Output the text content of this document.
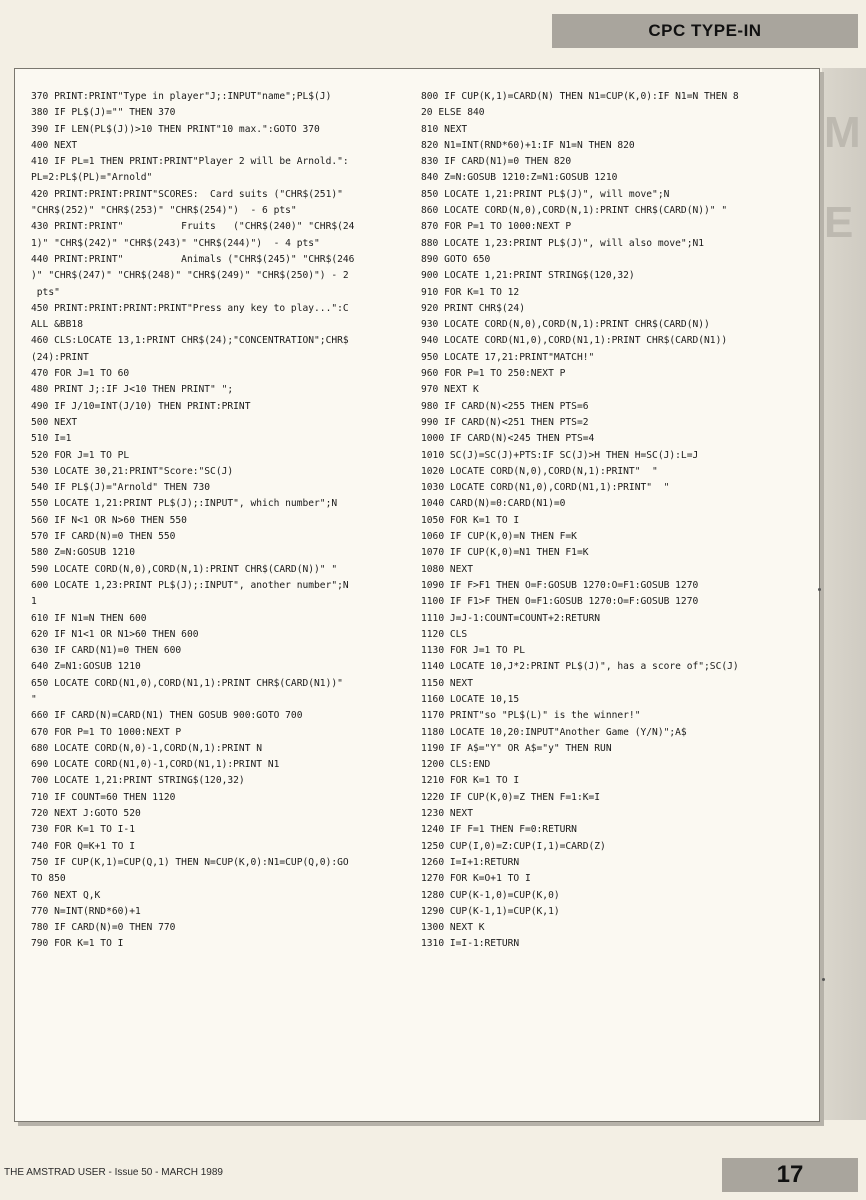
CPC TYPE-IN
M
E
370 PRINT:PRINT"Type in player"J;:INPUT"name";PL$(J)
380 IF PL$(J)="" THEN 370
390 IF LEN(PL$(J))>10 THEN PRINT"10 max.":GOTO 370
400 NEXT
410 IF PL=1 THEN PRINT:PRINT"Player 2 will be Arnold.":
PL=2:PL$(PL)="Arnold"
420 PRINT:PRINT:PRINT"SCORES:  Card suits ("CHR$(251)"
"CHR$(252)" "CHR$(253)" "CHR$(254)")  - 6 pts"
430 PRINT:PRINT"          Fruits   ("CHR$(240)" "CHR$(24
1)" "CHR$(242)" "CHR$(243)" "CHR$(244)")  - 4 pts"
440 PRINT:PRINT"          Animals ("CHR$(245)" "CHR$(246
)" "CHR$(247)" "CHR$(248)" "CHR$(249)" "CHR$(250)") - 2
pts"
450 PRINT:PRINT:PRINT:PRINT"Press any key to play...":C
ALL &BB18
460 CLS:LOCATE 13,1:PRINT CHR$(24);"CONCENTRATION";CHR$
(24):PRINT
470 FOR J=1 TO 60
480 PRINT J;:IF J<10 THEN PRINT" ";
490 IF J/10=INT(J/10) THEN PRINT:PRINT
500 NEXT
510 I=1
520 FOR J=1 TO PL
530 LOCATE 30,21:PRINT"Score:"SC(J)
540 IF PL$(J)="Arnold" THEN 730
550 LOCATE 1,21:PRINT PL$(J);:INPUT", which number";N
560 IF N<1 OR N>60 THEN 550
570 IF CARD(N)=0 THEN 550
580 Z=N:GOSUB 1210
590 LOCATE CORD(N,0),CORD(N,1):PRINT CHR$(CARD(N))" "
600 LOCATE 1,23:PRINT PL$(J);:INPUT", another number";N
1
610 IF N1=N THEN 600
620 IF N1<1 OR N1>60 THEN 600
630 IF CARD(N1)=0 THEN 600
640 Z=N1:GOSUB 1210
650 LOCATE CORD(N1,0),CORD(N1,1):PRINT CHR$(CARD(N1))"
"
660 IF CARD(N)=CARD(N1) THEN GOSUB 900:GOTO 700
670 FOR P=1 TO 1000:NEXT P
680 LOCATE CORD(N,0)-1,CORD(N,1):PRINT N
690 LOCATE CORD(N1,0)-1,CORD(N1,1):PRINT N1
700 LOCATE 1,21:PRINT STRING$(120,32)
710 IF COUNT=60 THEN 1120
720 NEXT J:GOTO 520
730 FOR K=1 TO I-1
740 FOR Q=K+1 TO I
750 IF CUP(K,1)=CUP(Q,1) THEN N=CUP(K,0):N1=CUP(Q,0):GO
TO 850
760 NEXT Q,K
770 N=INT(RND*60)+1
780 IF CARD(N)=0 THEN 770
790 FOR K=1 TO I
800 IF CUP(K,1)=CARD(N) THEN N1=CUP(K,0):IF N1=N THEN 8
20 ELSE 840
810 NEXT
820 N1=INT(RND*60)+1:IF N1=N THEN 820
830 IF CARD(N1)=0 THEN 820
840 Z=N:GOSUB 1210:Z=N1:GOSUB 1210
850 LOCATE 1,21:PRINT PL$(J)", will move";N
860 LOCATE CORD(N,0),CORD(N,1):PRINT CHR$(CARD(N))" "
870 FOR P=1 TO 1000:NEXT P
880 LOCATE 1,23:PRINT PL$(J)", will also move";N1
890 GOTO 650
900 LOCATE 1,21:PRINT STRING$(120,32)
910 FOR K=1 TO 12
920 PRINT CHR$(24)
930 LOCATE CORD(N,0),CORD(N,1):PRINT CHR$(CARD(N))
940 LOCATE CORD(N1,0),CORD(N1,1):PRINT CHR$(CARD(N1))
950 LOCATE 17,21:PRINT"MATCH!"
960 FOR P=1 TO 250:NEXT P
970 NEXT K
980 IF CARD(N)<255 THEN PTS=6
990 IF CARD(N)<251 THEN PTS=2
1000 IF CARD(N)<245 THEN PTS=4
1010 SC(J)=SC(J)+PTS:IF SC(J)>H THEN H=SC(J):L=J
1020 LOCATE CORD(N,0),CORD(N,1):PRINT"  "
1030 LOCATE CORD(N1,0),CORD(N1,1):PRINT"  "
1040 CARD(N)=0:CARD(N1)=0
1050 FOR K=1 TO I
1060 IF CUP(K,0)=N THEN F=K
1070 IF CUP(K,0)=N1 THEN F1=K
1080 NEXT
1090 IF F>F1 THEN O=F:GOSUB 1270:O=F1:GOSUB 1270
1100 IF F1>F THEN O=F1:GOSUB 1270:O=F:GOSUB 1270
1110 J=J-1:COUNT=COUNT+2:RETURN
1120 CLS
1130 FOR J=1 TO PL
1140 LOCATE 10,J*2:PRINT PL$(J)", has a score of";SC(J)
1150 NEXT
1160 LOCATE 10,15
1170 PRINT"so "PL$(L)" is the winner!"
1180 LOCATE 10,20:INPUT"Another Game (Y/N)";A$
1190 IF A$="Y" OR A$="y" THEN RUN
1200 CLS:END
1210 FOR K=1 TO I
1220 IF CUP(K,0)=Z THEN F=1:K=I
1230 NEXT
1240 IF F=1 THEN F=0:RETURN
1250 CUP(I,0)=Z:CUP(I,1)=CARD(Z)
1260 I=I+1:RETURN
1270 FOR K=O+1 TO I
1280 CUP(K-1,0)=CUP(K,0)
1290 CUP(K-1,1)=CUP(K,1)
1300 NEXT K
1310 I=I-1:RETURN
THE AMSTRAD USER - Issue 50 - MARCH 1989	17
